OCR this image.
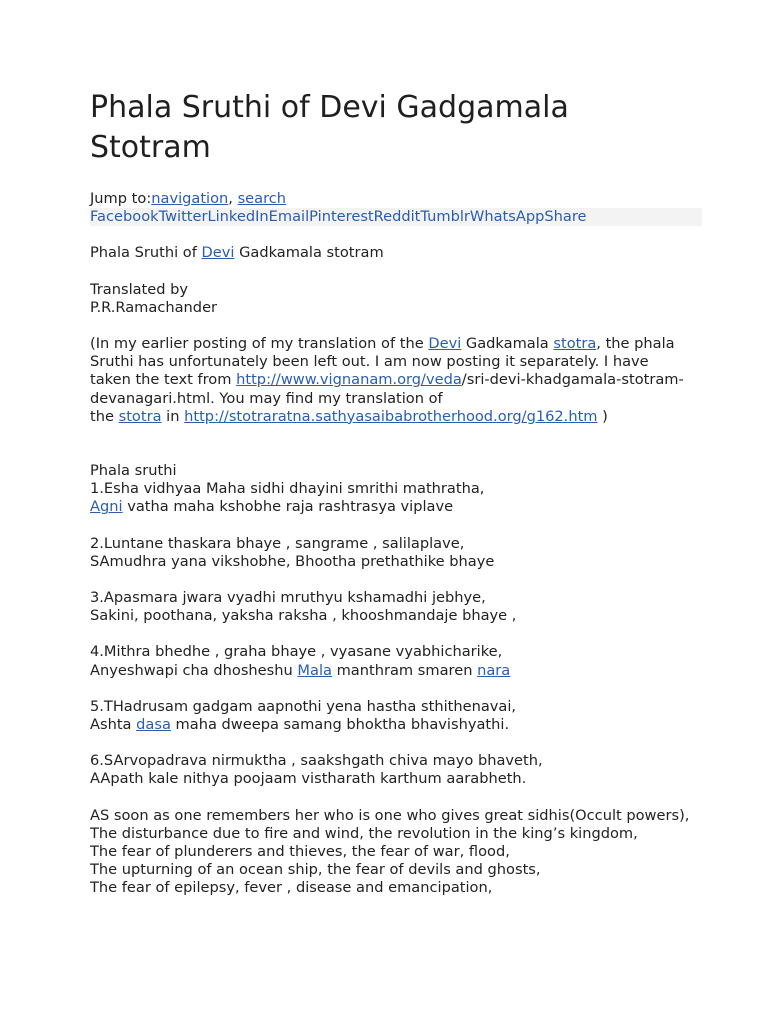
Phala Sruthi of Devi Gadgamala Stotram
Jump to:navigation, search
FacebookTwitterLinkedInEmailPinterestRedditTumblrWhatsAppShare

Phala Sruthi of Devi Gadkamala stotram

Translated by
P.R.Ramachander

(In my earlier posting of my translation of the Devi Gadkamala stotra, the phala Sruthi has unfortunately been left out. I am now posting it separately. I have taken the text from http://www.vignanam.org/veda/sri-devi-khadgamala-stotram-devanagari.html. You may find my translation of
the stotra in http://stotraratna.sathyasaibabrotherhood.org/g162.htm )

Phala sruthi
1.Esha vidhyaa Maha sidhi dhayini smrithi mathratha,
Agni vatha maha kshobhe raja rashtrasya viplave

2.Luntane thaskara bhaye , sangrame , salilaplave,
SAmudhra yana vikshobhe, Bhootha prethathike bhaye

3.Apasmara jwara vyadhi mruthyu kshamadhi jebhye,
Sakini, poothana, yaksha raksha , khooshmandaje bhaye ,

4.Mithra bhedhe , graha bhaye , vyasane vyabhicharike,
Anyeshwapi cha dhosheshu Mala manthram smaren nara

5.THadrusam gadgam aapnothi yena hastha sthithenavai,
Ashta dasa maha dweepa samang bhoktha bhavishyathi.

6.SArvopadrava nirmuktha , saakshgath chiva mayo bhaveth,
AApath kale nithya poojaam vistharath karthum aarabheth.

AS soon as one remembers her who is one who gives great sidhis(Occult powers),
The disturbance due to fire and wind, the revolution in the king’s kingdom,
The fear of plunderers and thieves, the fear of war, flood,
The upturning of an ocean ship, the fear of devils and ghosts,
The fear of epilepsy, fever , disease and emancipation,
